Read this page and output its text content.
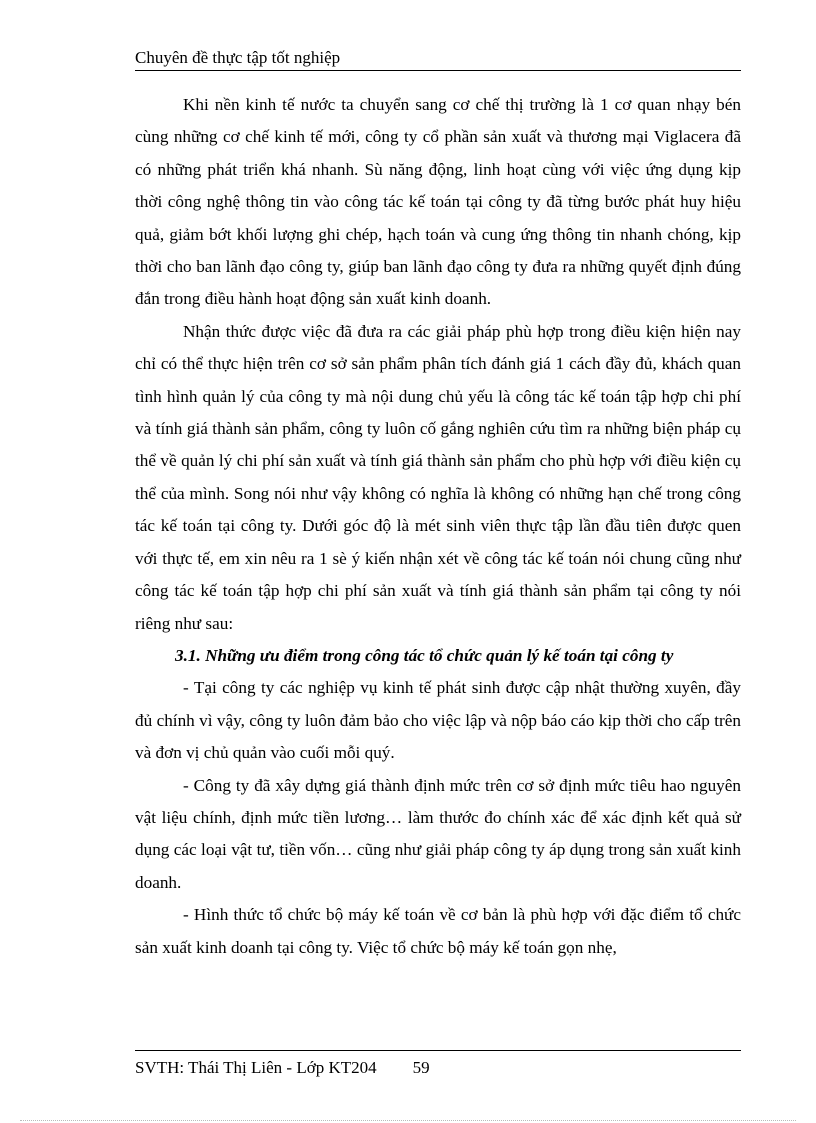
Chuyên đề thực tập tốt nghiệp

Khi nền kinh tế nước ta chuyển sang cơ chế thị trường là 1 cơ quan nhạy bén cùng những cơ chế kinh tế mới, công ty cổ phần sản xuất và thương mại Viglacera đã có những phát triển khá nhanh. Sù năng động, linh hoạt cùng với việc ứng dụng kịp thời công nghệ thông tin vào công tác kế toán tại công ty đã từng bước phát huy hiệu quả, giảm bớt khối lượng ghi chép, hạch toán và cung ứng thông tin nhanh chóng, kịp thời cho ban lãnh đạo công ty, giúp ban lãnh đạo công ty đưa ra những quyết định đúng đắn trong điều hành hoạt động sản xuất kinh doanh.

Nhận thức được việc đã đưa ra các giải pháp phù hợp trong điều kiện hiện nay chỉ có thể thực hiện trên cơ sở sản phẩm phân tích đánh giá 1 cách đầy đủ, khách quan tình hình quản lý của công ty mà nội dung chủ yếu là công tác kế toán tập hợp chi phí và tính giá thành sản phẩm, công ty luôn cố gắng nghiên cứu tìm ra những biện pháp cụ thể về quản lý chi phí sản xuất và tính giá thành sản phẩm cho phù hợp với điều kiện cụ thể của mình. Song nói như vậy không có nghĩa là không có những hạn chế trong công tác kế toán tại công ty. Dưới góc độ là mét sinh viên thực tập lần đầu tiên được quen với thực tế, em xin nêu ra 1 sè ý kiến nhận xét về công tác kế toán nói chung cũng như công tác kế toán tập hợp chi phí sản xuất và tính giá thành sản phẩm tại công ty nói riêng như sau:

3.1. Những ưu điểm trong công tác tổ chức quản lý kế toán tại công ty

- Tại công ty các nghiệp vụ kinh tế phát sinh được cập nhật thường xuyên, đầy đủ chính vì vậy, công ty luôn đảm bảo cho việc lập và nộp báo cáo kịp thời cho cấp trên và đơn vị chủ quản vào cuối mỗi quý.

- Công ty đã xây dựng giá thành định mức trên cơ sở định mức tiêu hao nguyên vật liệu chính, định mức tiền lương… làm thước đo chính xác để xác định kết quả sử dụng các loại vật tư, tiền vốn… cũng như giải pháp công ty áp dụng trong sản xuất kinh doanh.

- Hình thức tổ chức bộ máy kế toán về cơ bản là phù hợp với đặc điểm tổ chức sản xuất kinh doanh tại công ty. Việc tổ chức bộ máy kế toán gọn nhẹ,

SVTH: Thái Thị Liên - Lớp KT204 59
